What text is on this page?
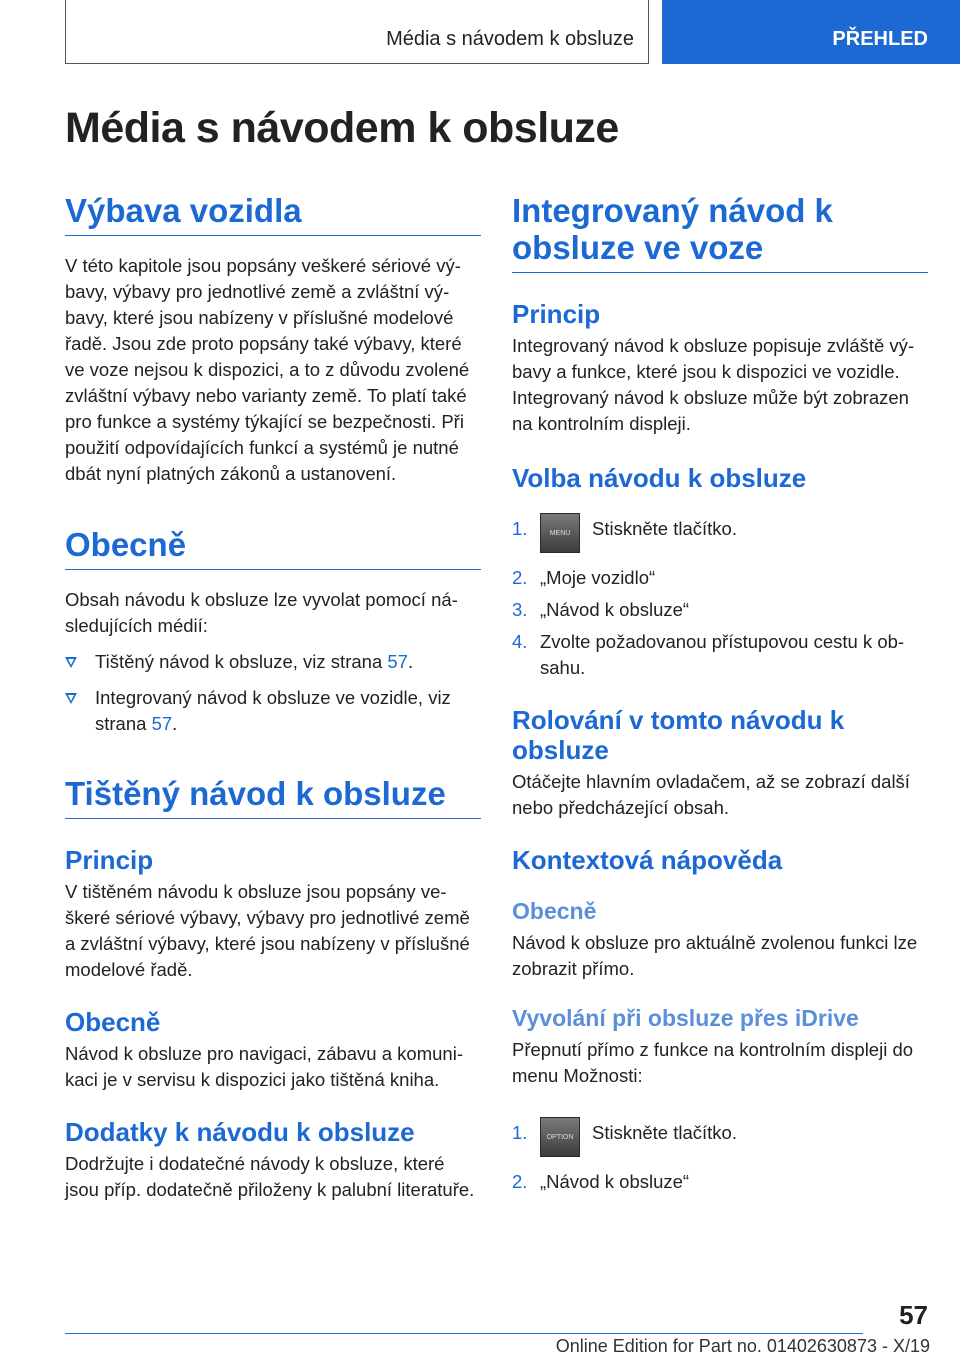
Média s návodem k obsluze	PŘEHLED
Média s návodem k obsluze
Výbava vozidla

V této kapitole jsou popsány veškeré sériové výbavy, výbavy pro jednotlivé země a zvláštní výbavy, které jsou nabízeny v příslušné modelové řadě. Jsou zde proto popsány také výbavy, které ve voze nejsou k dispozici, a to z důvodu zvolené zvláštní výbavy nebo varianty země. To platí také pro funkce a systémy týkající se bezpečnosti. Při použití odpovídajících funkcí a systémů je nutné dbát nyní platných zákonů a ustanovení.

Obecně

Obsah návodu k obsluze lze vyvolat pomocí následujících médií:

Tištěný návod k obsluze, viz strana 57.
Integrovaný návod k obsluze ve vozidle, viz strana 57.
Tištěný návod k obsluze
Princip

V tištěném návodu k obsluze jsou popsány veškeré sériové výbavy, výbavy pro jednotlivé země a zvláštní výbavy, které jsou nabízeny v příslušné modelové řadě.

Obecně

Návod k obsluze pro navigaci, zábavu a komunikaci je v servisu k dispozici jako tištěná kniha.

Dodatky k návodu k obsluze

Dodržujte i dodatečné návody k obsluze, které jsou příp. dodatečně přiloženy k palubní literatuře.

Integrovaný návod k obsluze ve voze
Princip

Integrovaný návod k obsluze popisuje zvláště výbavy a funkce, které jsou k dispozici ve vozidle. Integrovaný návod k obsluze může být zobrazen na kontrolním displeji.

Volba návodu k obsluze
1.	MENU Stiskněte tlačítko.
2. „Moje vozidlo“
3. „Návod k obsluze“
4. Zvolte požadovanou přístupovou cestu k obsahu.
Rolování v tomto návodu k obsluze

Otáčejte hlavním ovladačem, až se zobrazí další nebo předcházející obsah.

Kontextová nápověda
Obecně

Návod k obsluze pro aktuálně zvolenou funkci lze zobrazit přímo.

Vyvolání při obsluze přes iDrive

Přepnutí přímo z funkce na kontrolním displeji do menu Možnosti:

1.	OPTION Stiskněte tlačítko.
2. „Návod k obsluze“
57
Online Edition for Part no. 01402630873 - X/19
